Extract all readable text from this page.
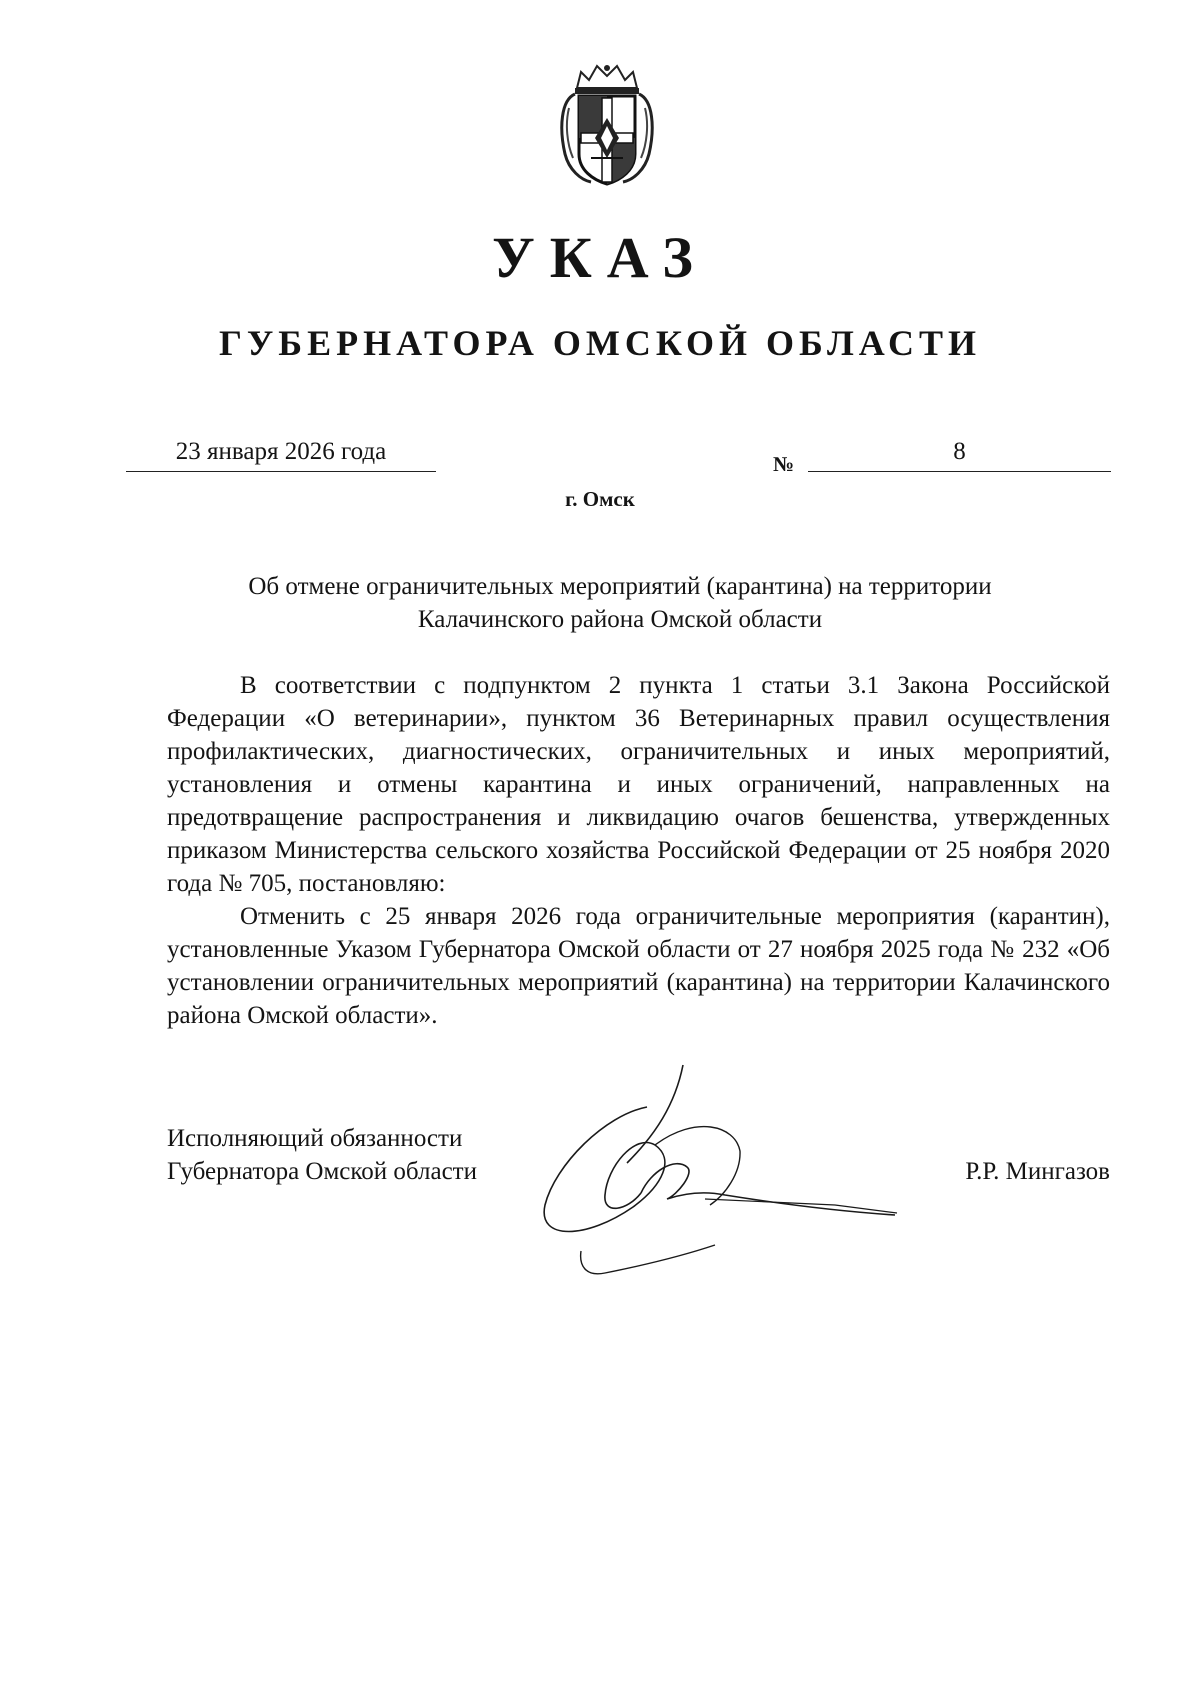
УКАЗ
ГУБЕРНАТОРА ОМСКОЙ ОБЛАСТИ
23 января 2026 года	№	8
г. Омск
Об отмене ограничительных мероприятий (карантина) на территории
Калачинского района Омской области

В соответствии с подпунктом 2 пункта 1 статьи 3.1 Закона Российской Федерации «О ветеринарии», пунктом 36 Ветеринарных правил осуществления профилактических, диагностических, ограничительных и иных мероприятий, установления и отмены карантина и иных ограничений, направленных на предотвращение распространения и ликвидацию очагов бешенства, утвержденных приказом Министерства сельского хозяйства Российской Федерации от 25 ноября 2020 года № 705, постановляю:

Отменить с 25 января 2026 года ограничительные мероприятия (карантин), установленные Указом Губернатора Омской области от 27 ноября 2025 года № 232 «Об установлении ограничительных мероприятий (карантина) на территории Калачинского района Омской области».

Исполняющий обязанности
Губернатора Омской области	Р.Р. Мингазов
